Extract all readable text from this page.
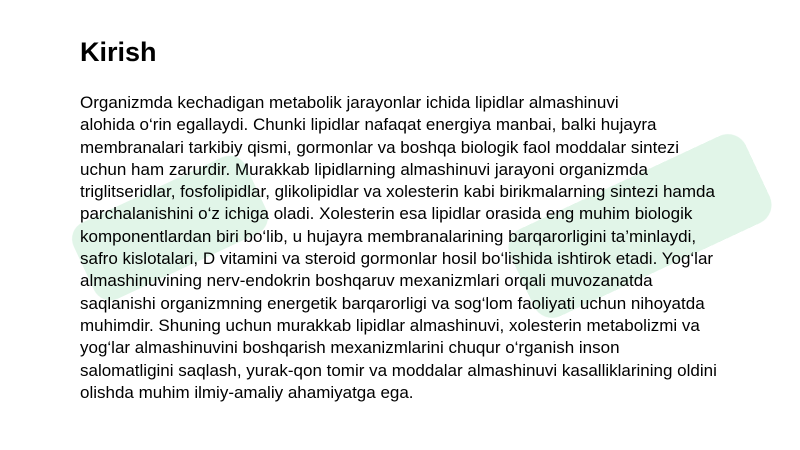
Kirish

Organizmda kechadigan metabolik jarayonlar ichida lipidlar almashinuvi
alohida o‘rin egallaydi. Chunki lipidlar nafaqat energiya manbai, balki hujayra
membranalari tarkibiy qismi, gormonlar va boshqa biologik faol moddalar sintezi
uchun ham zarurdir. Murakkab lipidlarning almashinuvi jarayoni organizmda
triglitseridlar, fosfolipidlar, glikolipidlar va xolesterin kabi birikmalarning sintezi hamda
parchalanishini o‘z ichiga oladi. Xolesterin esa lipidlar orasida eng muhim biologik
komponentlardan biri bo‘lib, u hujayra membranalarining barqarorligini ta’minlaydi,
safro kislotalari, D vitamini va steroid gormonlar hosil bo‘lishida ishtirok etadi. Yog‘lar
almashinuvining nerv-endokrin boshqaruv mexanizmlari orqali muvozanatda
saqlanishi organizmning energetik barqarorligi va sog‘lom faoliyati uchun nihoyatda
muhimdir. Shuning uchun murakkab lipidlar almashinuvi, xolesterin metabolizmi va
yog‘lar almashinuvini boshqarish mexanizmlarini chuqur o‘rganish inson
salomatligini saqlash, yurak-qon tomir va moddalar almashinuvi kasalliklarining oldini
olishda muhim ilmiy-amaliy ahamiyatga ega.
